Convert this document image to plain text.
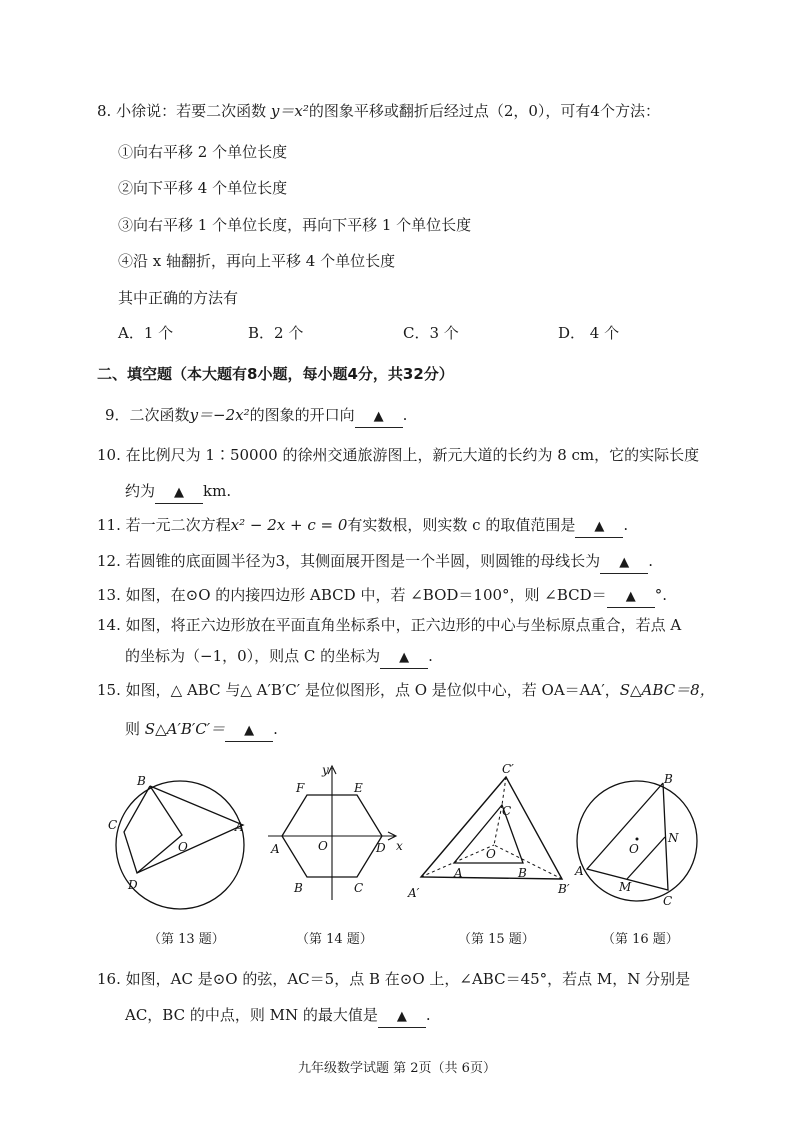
8. 小徐说：若要二次函数 y＝x²的图象平移或翻折后经过点（2，0），可有4个方法：
①向右平移 2 个单位长度
②向下平移 4 个单位长度
③向右平移 1 个单位长度，再向下平移 1 个单位长度
④沿 x 轴翻折，再向上平移 4 个单位长度
其中正确的方法有
A．1 个	B．2 个	C．3 个	D． 4 个
二、填空题（本大题有8小题，每小题4分，共32分）
9．二次函数y＝−2x²的图象的开口向 ▲ .
10. 在比例尺为 1∶50000 的徐州交通旅游图上，新元大道的长约为 8 cm，它的实际长度
约为 ▲ km.
11. 若一元二次方程x² − 2x + c = 0有实数根，则实数 c 的取值范围是 ▲ .
12. 若圆锥的底面圆半径为3，其侧面展开图是一个半圆，则圆锥的母线长为 ▲ .
13. 如图，在⊙O 的内接四边形 ABCD 中，若 ∠BOD＝100°，则 ∠BCD＝ ▲ °.
14. 如图，将正六边形放在平面直角坐标系中，正六边形的中心与坐标原点重合，若点 A
的坐标为（−1，0），则点 C 的坐标为 ▲ .
15. 如图，△ ABC 与△ A′B′C′ 是位似图形，点 O 是位似中心，若 OA＝AA′，S△ABC＝8，
则 S△A′B′C′＝ ▲ .
B
A
C
O
D
y
F	E
A	O	D x
B	C
C′
C
O
A	B
A′	B′
B
N
O
A
M
C
（第 13 题）	（第 14 题）	（第 15 题）	（第 16 题）
16. 如图，AC 是⊙O 的弦，AC＝5，点 B 在⊙O 上，∠ABC＝45°，若点 M，N 分别是
AC，BC 的中点，则 MN 的最大值是 ▲ .
九年级数学试题 第 2页（共 6页）
